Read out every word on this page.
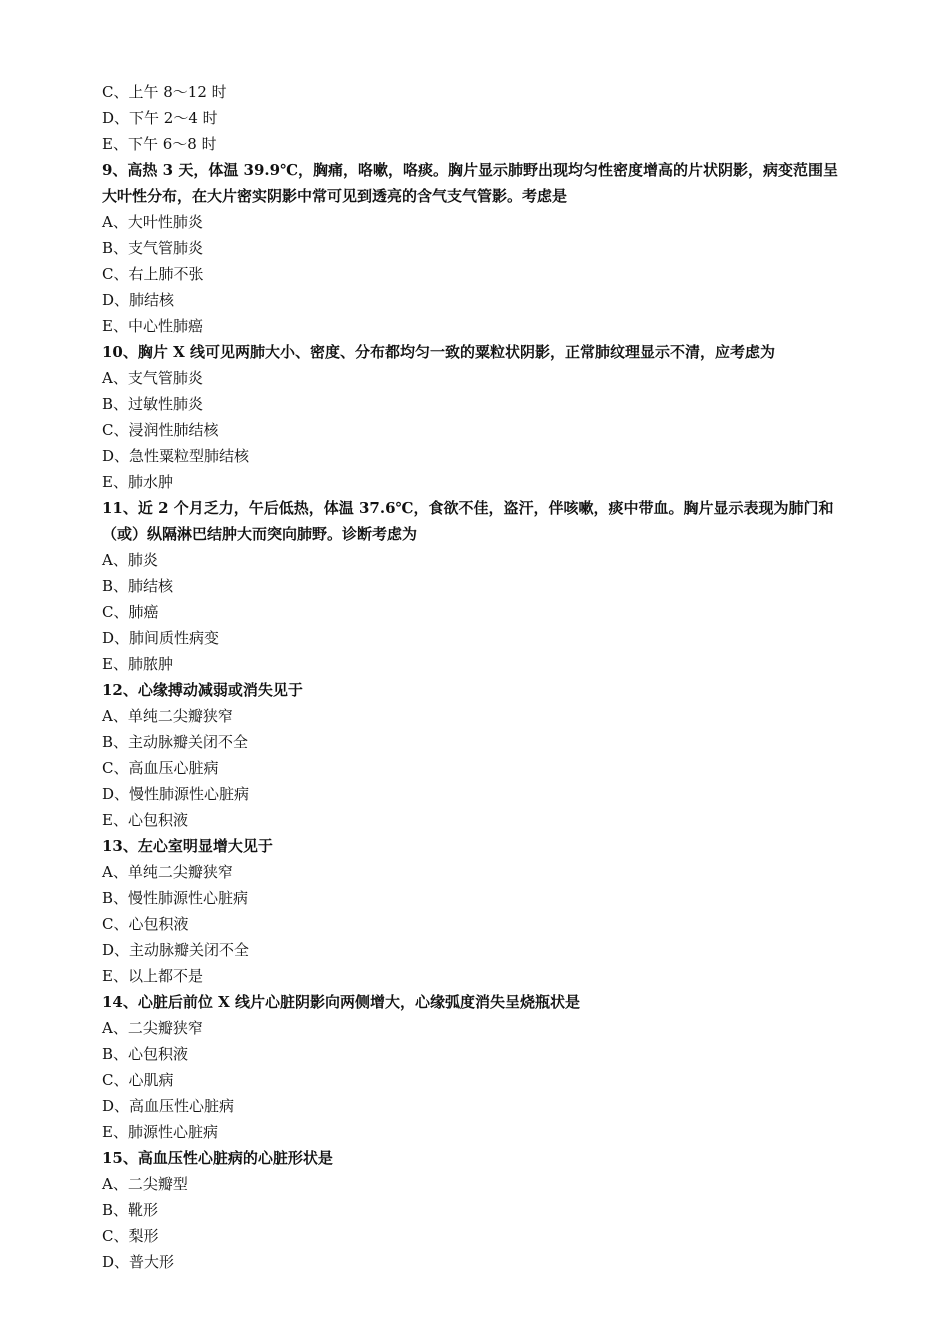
C、上午 8～12 时
D、下午 2～4 时
E、下午 6～8 时
9、高热 3 天，体温 39.9℃，胸痛，咯嗽，咯痰。胸片显示肺野出现均匀性密度增高的片状阴影，病变范围呈大叶性分布，在大片密实阴影中常可见到透亮的含气支气管影。考虑是
A、大叶性肺炎
B、支气管肺炎
C、右上肺不张
D、肺结核
E、中心性肺癌
10、胸片 X 线可见两肺大小、密度、分布都均匀一致的粟粒状阴影，正常肺纹理显示不清，应考虑为
A、支气管肺炎
B、过敏性肺炎
C、浸润性肺结核
D、急性粟粒型肺结核
E、肺水肿
11、近 2 个月乏力，午后低热，体温 37.6℃，食欲不佳，盗汗，伴咳嗽，痰中带血。胸片显示表现为肺门和（或）纵隔淋巴结肿大而突向肺野。诊断考虑为
A、肺炎
B、肺结核
C、肺癌
D、肺间质性病变
E、肺脓肿
12、心缘搏动减弱或消失见于
A、单纯二尖瓣狭窄
B、主动脉瓣关闭不全
C、高血压心脏病
D、慢性肺源性心脏病
E、心包积液
13、左心室明显增大见于
A、单纯二尖瓣狭窄
B、慢性肺源性心脏病
C、心包积液
D、主动脉瓣关闭不全
E、以上都不是
14、心脏后前位 X 线片心脏阴影向两侧增大，心缘弧度消失呈烧瓶状是
A、二尖瓣狭窄
B、心包积液
C、心肌病
D、高血压性心脏病
E、肺源性心脏病
15、高血压性心脏病的心脏形状是
A、二尖瓣型
B、靴形
C、梨形
D、普大形
